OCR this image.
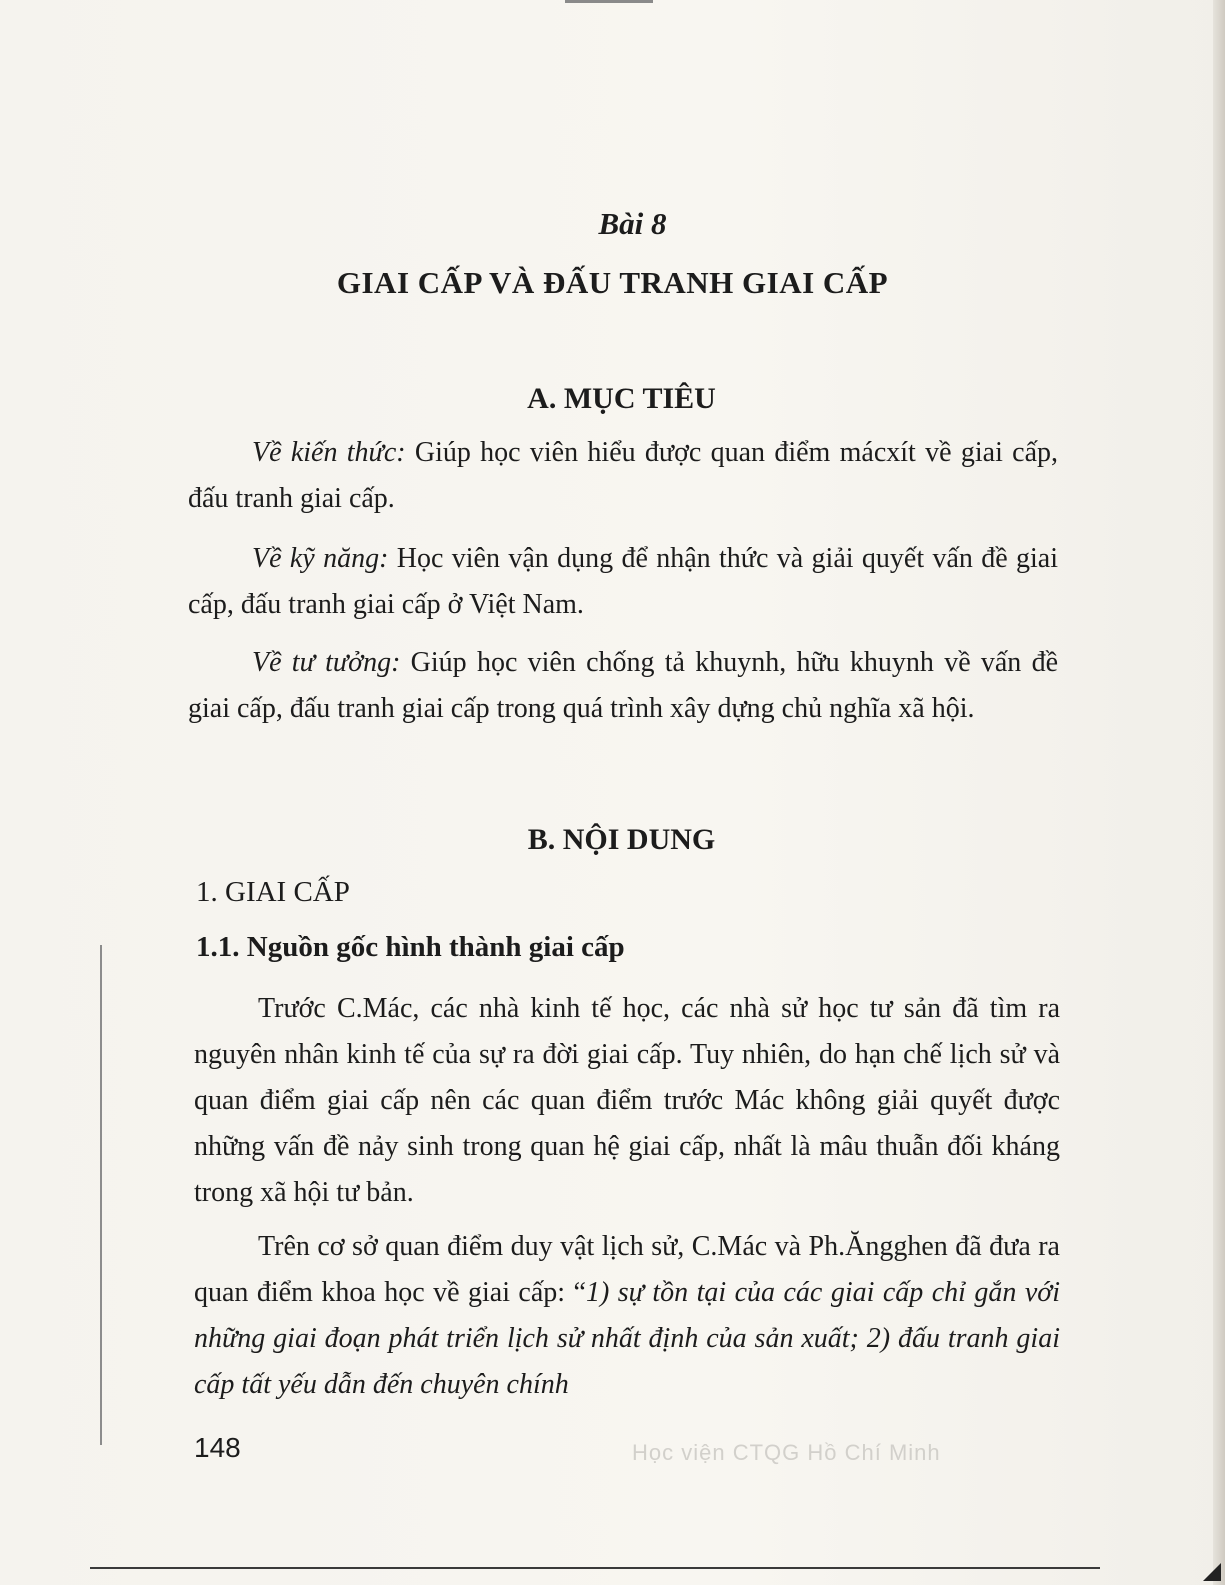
Bài 8
GIAI CẤP VÀ ĐẤU TRANH GIAI CẤP
A. MỤC TIÊU

Về kiến thức: Giúp học viên hiểu được quan điểm mácxít về giai cấp, đấu tranh giai cấp.

Về kỹ năng: Học viên vận dụng để nhận thức và giải quyết vấn đề giai cấp, đấu tranh giai cấp ở Việt Nam.

Về tư tưởng: Giúp học viên chống tả khuynh, hữu khuynh về vấn đề giai cấp, đấu tranh giai cấp trong quá trình xây dựng chủ nghĩa xã hội.

B. NỘI DUNG
1. GIAI CẤP
1.1. Nguồn gốc hình thành giai cấp

Trước C.Mác, các nhà kinh tế học, các nhà sử học tư sản đã tìm ra nguyên nhân kinh tế của sự ra đời giai cấp. Tuy nhiên, do hạn chế lịch sử và quan điểm giai cấp nên các quan điểm trước Mác không giải quyết được những vấn đề nảy sinh trong quan hệ giai cấp, nhất là mâu thuẫn đối kháng trong xã hội tư bản.

Trên cơ sở quan điểm duy vật lịch sử, C.Mác và Ph.Ăngghen đã đưa ra quan điểm khoa học về giai cấp: “1) sự tồn tại của các giai cấp chỉ gắn với những giai đoạn phát triển lịch sử nhất định của sản xuất; 2) đấu tranh giai cấp tất yếu dẫn đến chuyên chính

148	Học viện CTQG Hồ Chí Minh
